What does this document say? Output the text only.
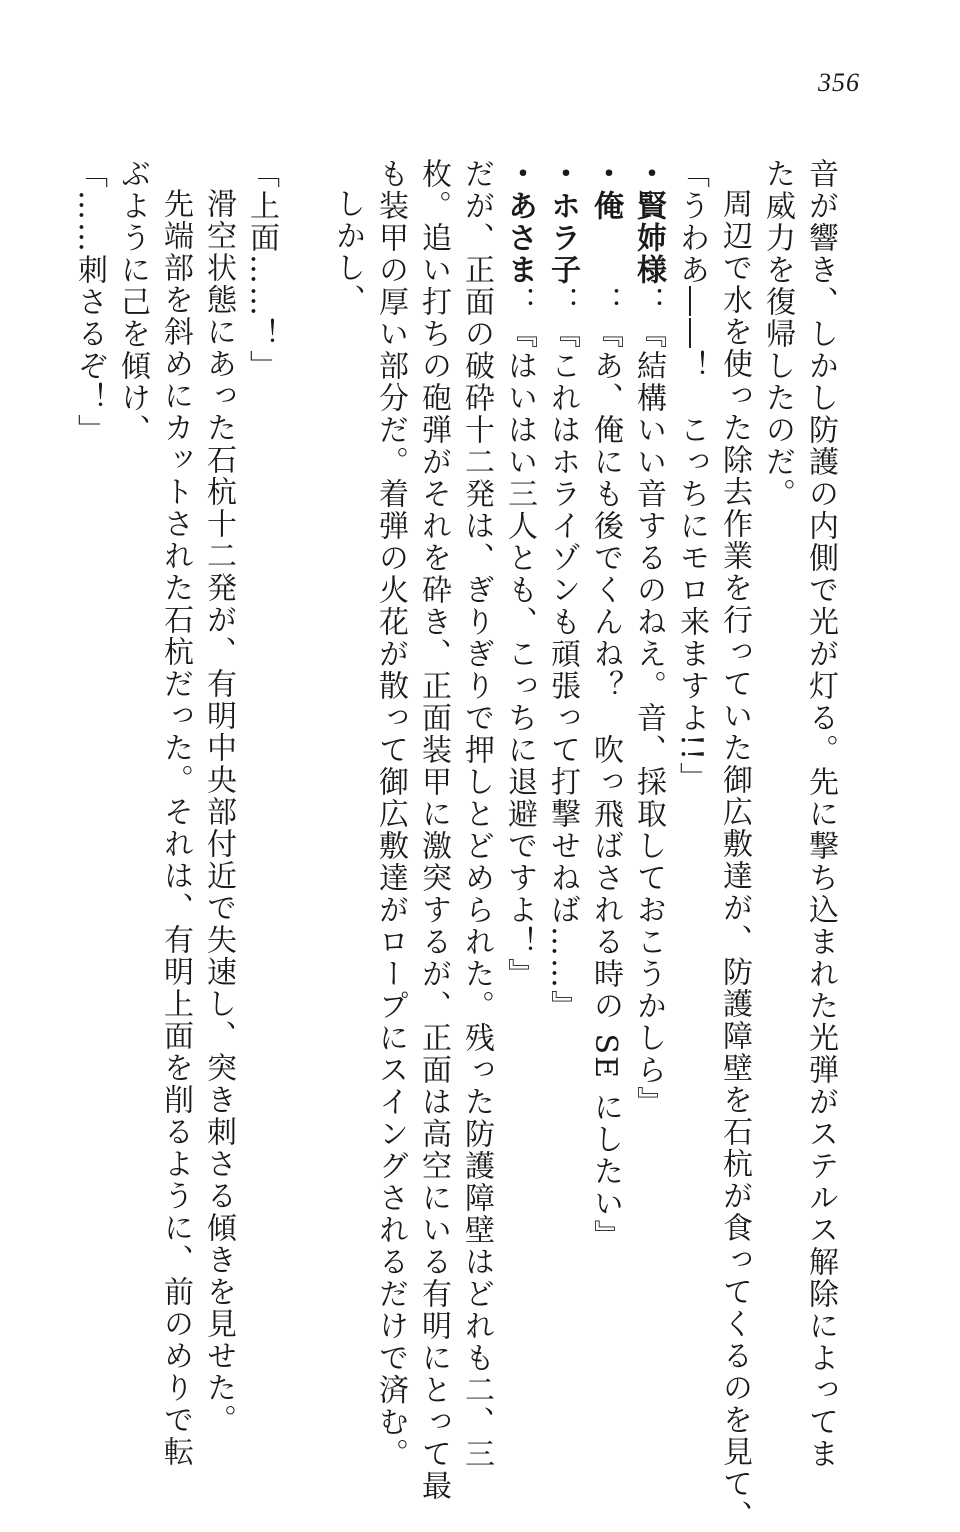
356
音が響き、しかし防護の内側で光が灯る。先に撃ち込まれた光弾がステルス解除によってま
た威力を復帰したのだ。
周辺で水を使った除去作業を行っていた御広敷達が、防護障壁を石杭が食ってくるのを見て、
「うわあ――！　こっちにモロ来ますよ!!」
・賢姉様：『結構いい音するのねえ。音、採取しておこうかしら』
・俺　　：『あ、俺にも後でくんね？　吹っ飛ばされる時の SE にしたい』
・ホラ子：『これはホライゾンも頑張って打撃せねば……』
・あさま：『はいはい三人とも、こっちに退避ですよ！』
だが、正面の破砕十二発は、ぎりぎりで押しとどめられた。残った防護障壁はどれも二、三
枚。追い打ちの砲弾がそれを砕き、正面装甲に激突するが、正面は高空にいる有明にとって最
も装甲の厚い部分だ。着弾の火花が散って御広敷達がロープにスイングされるだけで済む。
しかし、
「上面……！」
滑空状態にあった石杭十二発が、有明中央部付近で失速し、突き刺さる傾きを見せた。
先端部を斜めにカットされた石杭だった。それは、有明上面を削るように、前のめりで転
ぶように己を傾け、
「……刺さるぞ！」
